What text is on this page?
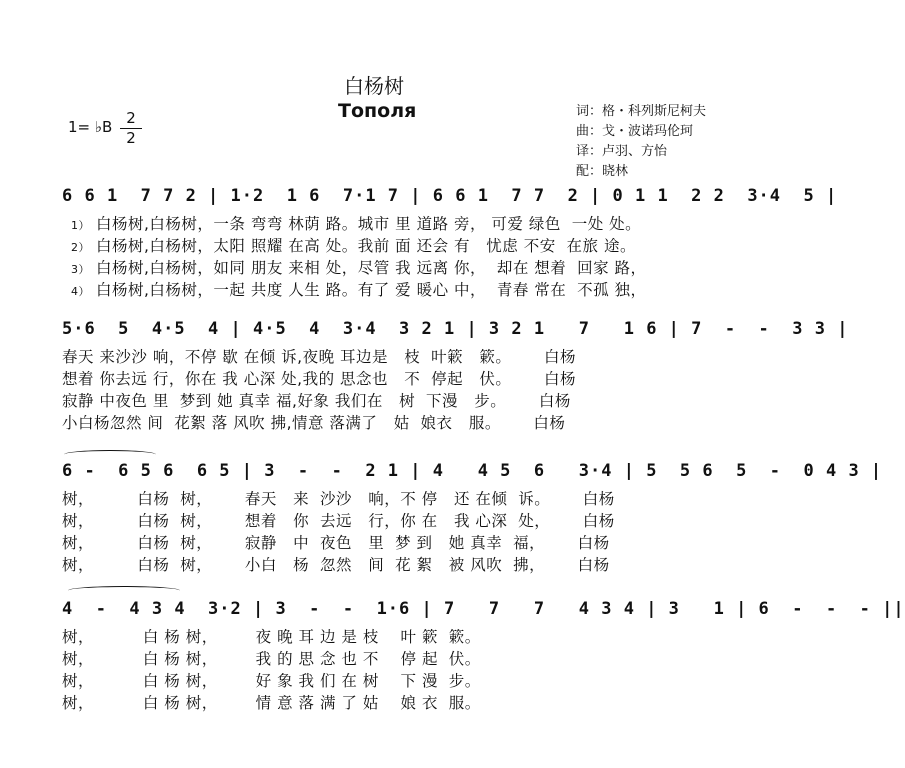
白杨树
Тополя
1= ♭B 2
2
词：格・科列斯尼柯夫
曲：戈・波诺玛伦珂
译：卢羽、方怡
配：晓林
6 6 1  7 7 2 | 1·2  1 6  7·1 7 | 6 6 1  7 7  2 | 0 1 1  2 2  3·4  5 |
1） 白杨树,白杨树，一条 弯弯 林荫 路。城市 里 道路 旁， 可爱 绿色  一处 处。
2） 白杨树,白杨树，太阳 照耀 在高 处。我前 面 还会 有   忧虑 不安  在旅 途。
3） 白杨树,白杨树，如同 朋友 来相 处，尽管 我 远离 你，  却在 想着  回家 路，
4） 白杨树,白杨树，一起 共度 人生 路。有了 爱 暖心 中，  青春 常在  不孤 独，
5·6  5  4·5  4 | 4·5  4  3·4  3 2 1 | 3 2 1   7   1 6 | 7  -  -  3 3 |
春天 来沙沙 响，不停 歇 在倾 诉,夜晚 耳边是   枝  叶簌   簌。      白杨
想着 你去远 行，你在 我 心深 处,我的 思念也   不  停起   伏。      白杨
寂静 中夜色 里  梦到 她 真幸 福,好象 我们在   树  下漫   步。      白杨
小白杨忽然 间  花絮 落 风吹 拂,情意 落满了   姑  娘衣   服。      白杨
6 -  6 5 6  6 5 | 3  -  -  2 1 | 4   4 5  6   3·4 | 5  5 6  5  -  0 4 3 |
树，        白杨  树，      春天   来  沙沙   响，不 停   还 在倾  诉。      白杨
树，        白杨  树，      想着   你  去远   行，你 在   我 心深  处，      白杨
树，        白杨  树，      寂静   中  夜色   里  梦 到   她 真幸  福，      白杨
树，        白杨  树，      小白   杨  忽然   间  花 絮   被 风吹  拂，      白杨
4  -  4 3 4  3·2 | 3  -  -  1·6 | 7   7   7   4 3 4 | 3   1 | 6  -  -  - ||
树，         白 杨 树，       夜 晚 耳 边 是 枝    叶 簌  簌。
树，         白 杨 树，       我 的 思 念 也 不    停 起  伏。
树，         白 杨 树，       好 象 我 们 在 树    下 漫  步。
树，         白 杨 树，       情 意 落 满 了 姑    娘 衣  服。
